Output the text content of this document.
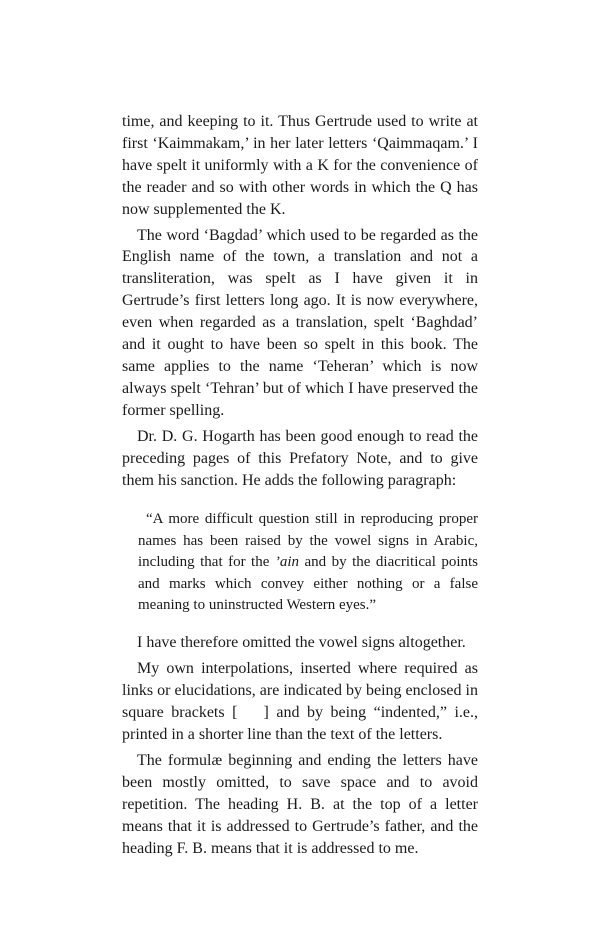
time, and keeping to it. Thus Gertrude used to write at first ‘Kaimmakam,’ in her later letters ‘Qaimmaqam.’ I have spelt it uniformly with a K for the convenience of the reader and so with other words in which the Q has now supplemented the K.

The word ‘Bagdad’ which used to be regarded as the English name of the town, a translation and not a transliteration, was spelt as I have given it in Gertrude’s first letters long ago. It is now everywhere, even when regarded as a translation, spelt ‘Baghdad’ and it ought to have been so spelt in this book. The same applies to the name ‘Teheran’ which is now always spelt ‘Tehran’ but of which I have preserved the former spelling.

Dr. D. G. Hogarth has been good enough to read the preceding pages of this Prefatory Note, and to give them his sanction. He adds the following paragraph:

“A more difficult question still in reproducing proper names has been raised by the vowel signs in Arabic, including that for the ’ain and by the diacritical points and marks which convey either nothing or a false meaning to uninstructed Western eyes.”

I have therefore omitted the vowel signs altogether.

My own interpolations, inserted where required as links or elucidations, are indicated by being enclosed in square brackets [ ] and by being “indented,” i.e., printed in a shorter line than the text of the letters.

The formulæ beginning and ending the letters have been mostly omitted, to save space and to avoid repetition. The heading H. B. at the top of a letter means that it is addressed to Gertrude’s father, and the heading F. B. means that it is addressed to me.
